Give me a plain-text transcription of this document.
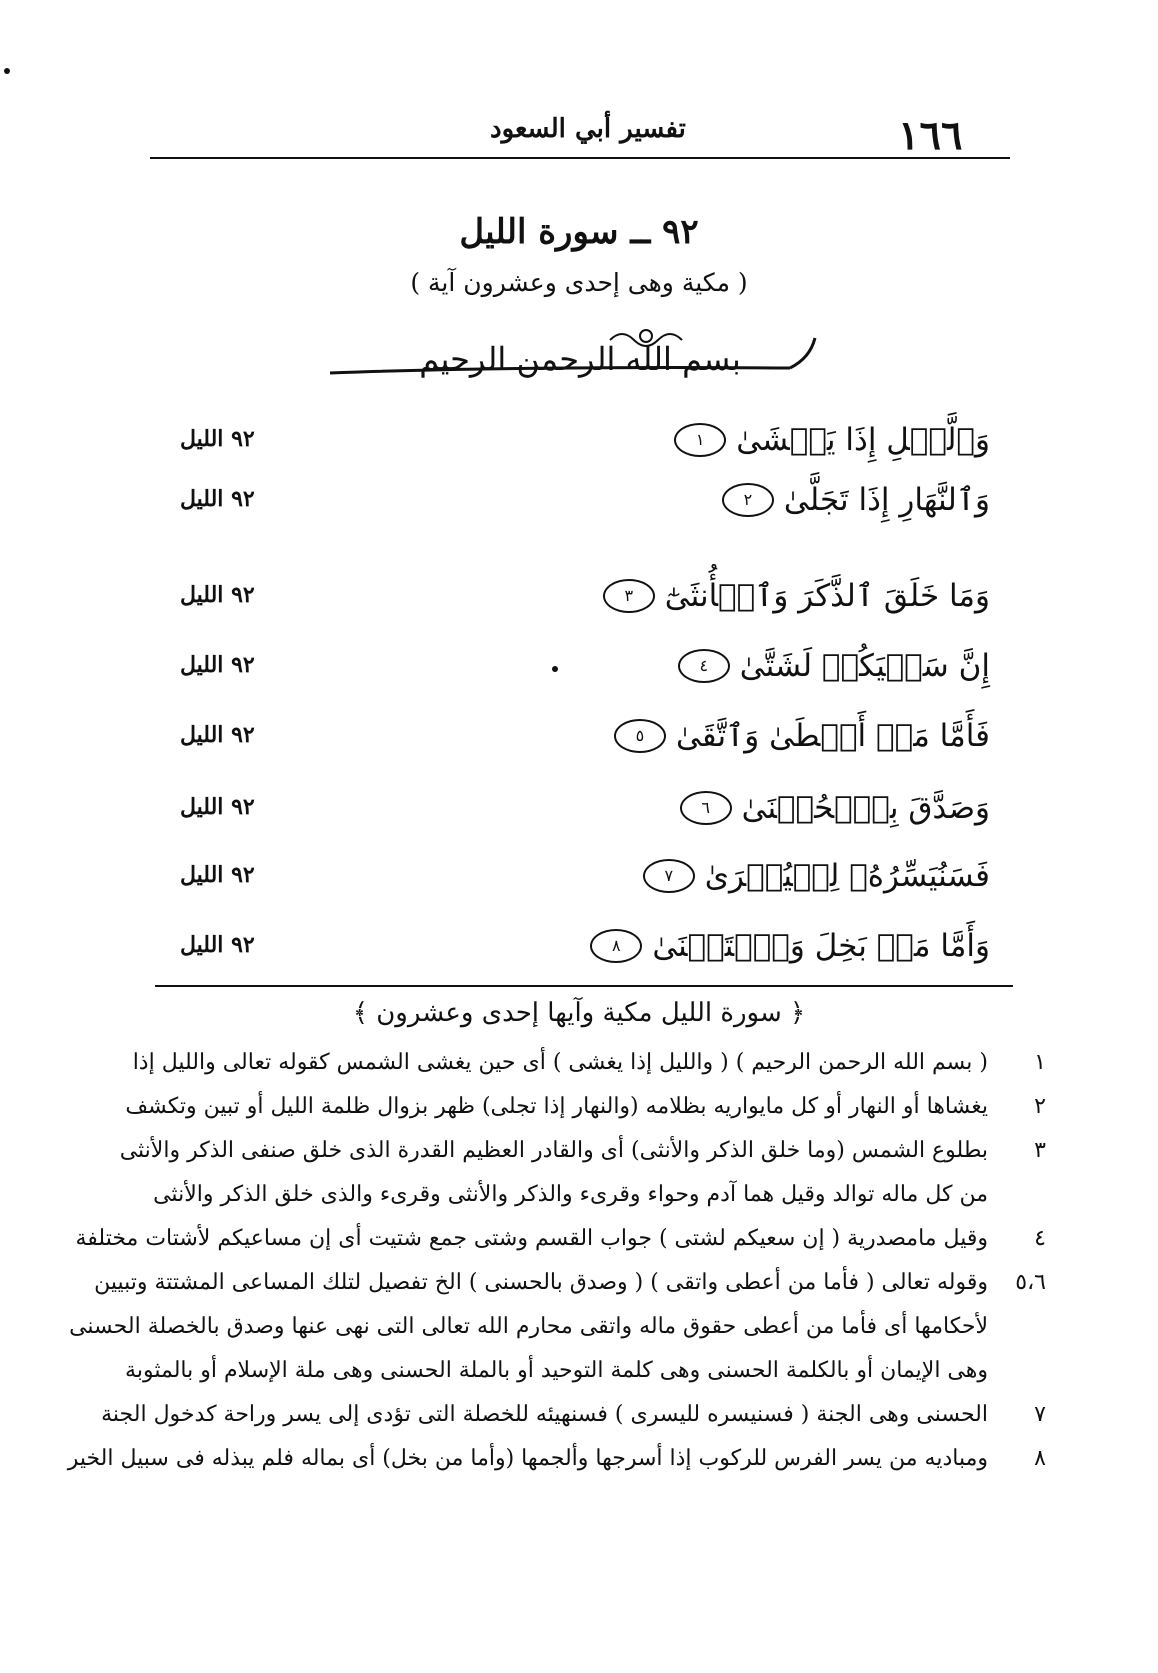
١٦٦
تفسير أبي السعود
٩٢ ــ سورة الليل
( مكية وهى إحدى وعشرون آية )
بسم الله الرحمن الرحيم
وَٱلَّيۡلِ إِذَا يَغۡشَىٰ
١
٩٢ الليل
وَٱلنَّهَارِ إِذَا تَجَلَّىٰ
٢
٩٢ الليل
وَمَا خَلَقَ ٱلذَّكَرَ وَٱلۡأُنثَىٰٓ
٣
٩٢ الليل
إِنَّ سَعۡيَكُمۡ لَشَتَّىٰ
٤
٩٢ الليل
فَأَمَّا مَنۡ أَعۡطَىٰ وَٱتَّقَىٰ
٥
٩٢ الليل
وَصَدَّقَ بِٱلۡحُسۡنَىٰ
٦
٩٢ الليل
فَسَنُيَسِّرُهُۥ لِلۡيُسۡرَىٰ
٧
٩٢ الليل
وَأَمَّا مَنۢ بَخِلَ وَٱسۡتَغۡنَىٰ
٨
٩٢ الليل
﴿ سورة الليل مكية وآيها إحدى وعشرون ﴾
١
( بسم الله الرحمن الرحيم ) ( والليل إذا يغشى ) أى حين يغشى الشمس كقوله تعالى والليل إذا
٢
يغشاها أو النهار أو كل مايواريه بظلامه (والنهار إذا تجلى) ظهر بزوال ظلمة الليل أو تبين وتكشف
٣
بطلوع الشمس (وما خلق الذكر والأنثى) أى والقادر العظيم القدرة الذى خلق صنفى الذكر والأنثى
من كل ماله توالد وقيل هما آدم وحواء وقرىء والذكر والأنثى وقرىء والذى خلق الذكر والأنثى
٤
وقيل مامصدرية ( إن سعيكم لشتى ) جواب القسم وشتى جمع شتيت أى إن مساعيكم لأشتات مختلفة
٥،٦
وقوله تعالى ( فأما من أعطى واتقى ) ( وصدق بالحسنى ) الخ تفصيل لتلك المساعى المشتتة وتبيين
لأحكامها أى فأما من أعطى حقوق ماله واتقى محارم الله تعالى التى نهى عنها وصدق بالخصلة الحسنى
وهى الإيمان أو بالكلمة الحسنى وهى كلمة التوحيد أو بالملة الحسنى وهى ملة الإسلام أو بالمثوبة
٧
الحسنى وهى الجنة ( فسنيسره لليسرى ) فسنهيئه للخصلة التى تؤدى إلى يسر وراحة كدخول الجنة
٨
ومباديه من يسر الفرس للركوب إذا أسرجها وألجمها (وأما من بخل) أى بماله فلم يبذله فى سبيل الخير
